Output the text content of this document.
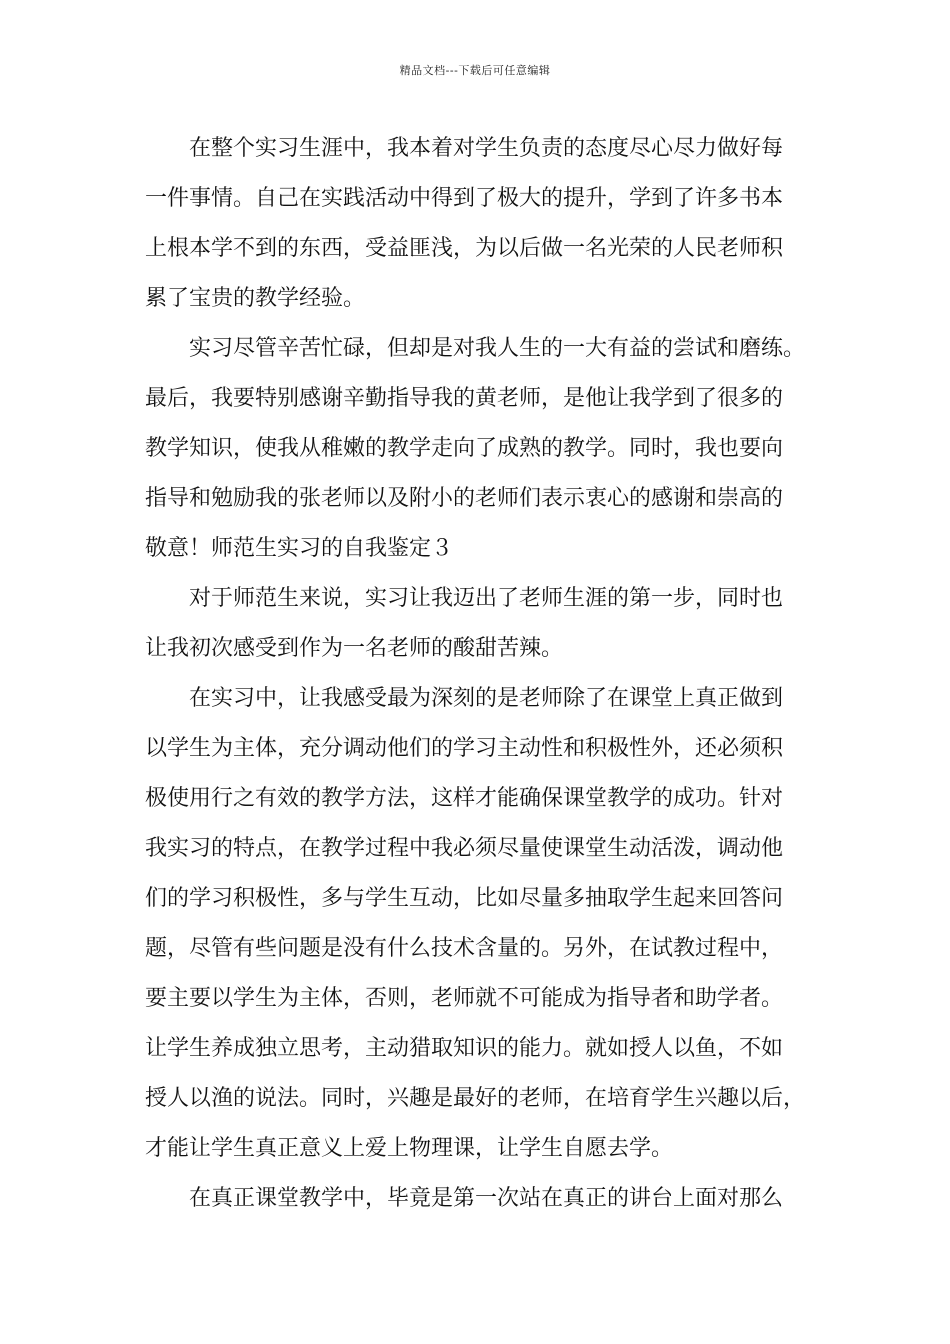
精品文档---下载后可任意编辑

在整个实习生涯中，我本着对学生负责的态度尽心尽力做好每
一件事情。自己在实践活动中得到了极大的提升，学到了许多书本
上根本学不到的东西，受益匪浅，为以后做一名光荣的人民老师积
累了宝贵的教学经验。

实习尽管辛苦忙碌，但却是对我人生的一大有益的尝试和磨练。
最后，我要特别感谢辛勤指导我的黄老师，是他让我学到了很多的
教学知识，使我从稚嫩的教学走向了成熟的教学。同时，我也要向
指导和勉励我的张老师以及附小的老师们表示衷心的感谢和崇高的
敬意！师范生实习的自我鉴定３

对于师范生来说，实习让我迈出了老师生涯的第一步，同时也
让我初次感受到作为一名老师的酸甜苦辣。

在实习中，让我感受最为深刻的是老师除了在课堂上真正做到
以学生为主体，充分调动他们的学习主动性和积极性外，还必须积
极使用行之有效的教学方法，这样才能确保课堂教学的成功。针对
我实习的特点，在教学过程中我必须尽量使课堂生动活泼，调动他
们的学习积极性，多与学生互动，比如尽量多抽取学生起来回答问
题，尽管有些问题是没有什么技术含量的。另外，在试教过程中，
要主要以学生为主体，否则，老师就不可能成为指导者和助学者。
让学生养成独立思考，主动猎取知识的能力。就如授人以鱼，不如
授人以渔的说法。同时，兴趣是最好的老师，在培育学生兴趣以后，
才能让学生真正意义上爱上物理课，让学生自愿去学。

在真正课堂教学中，毕竟是第一次站在真正的讲台上面对那么
